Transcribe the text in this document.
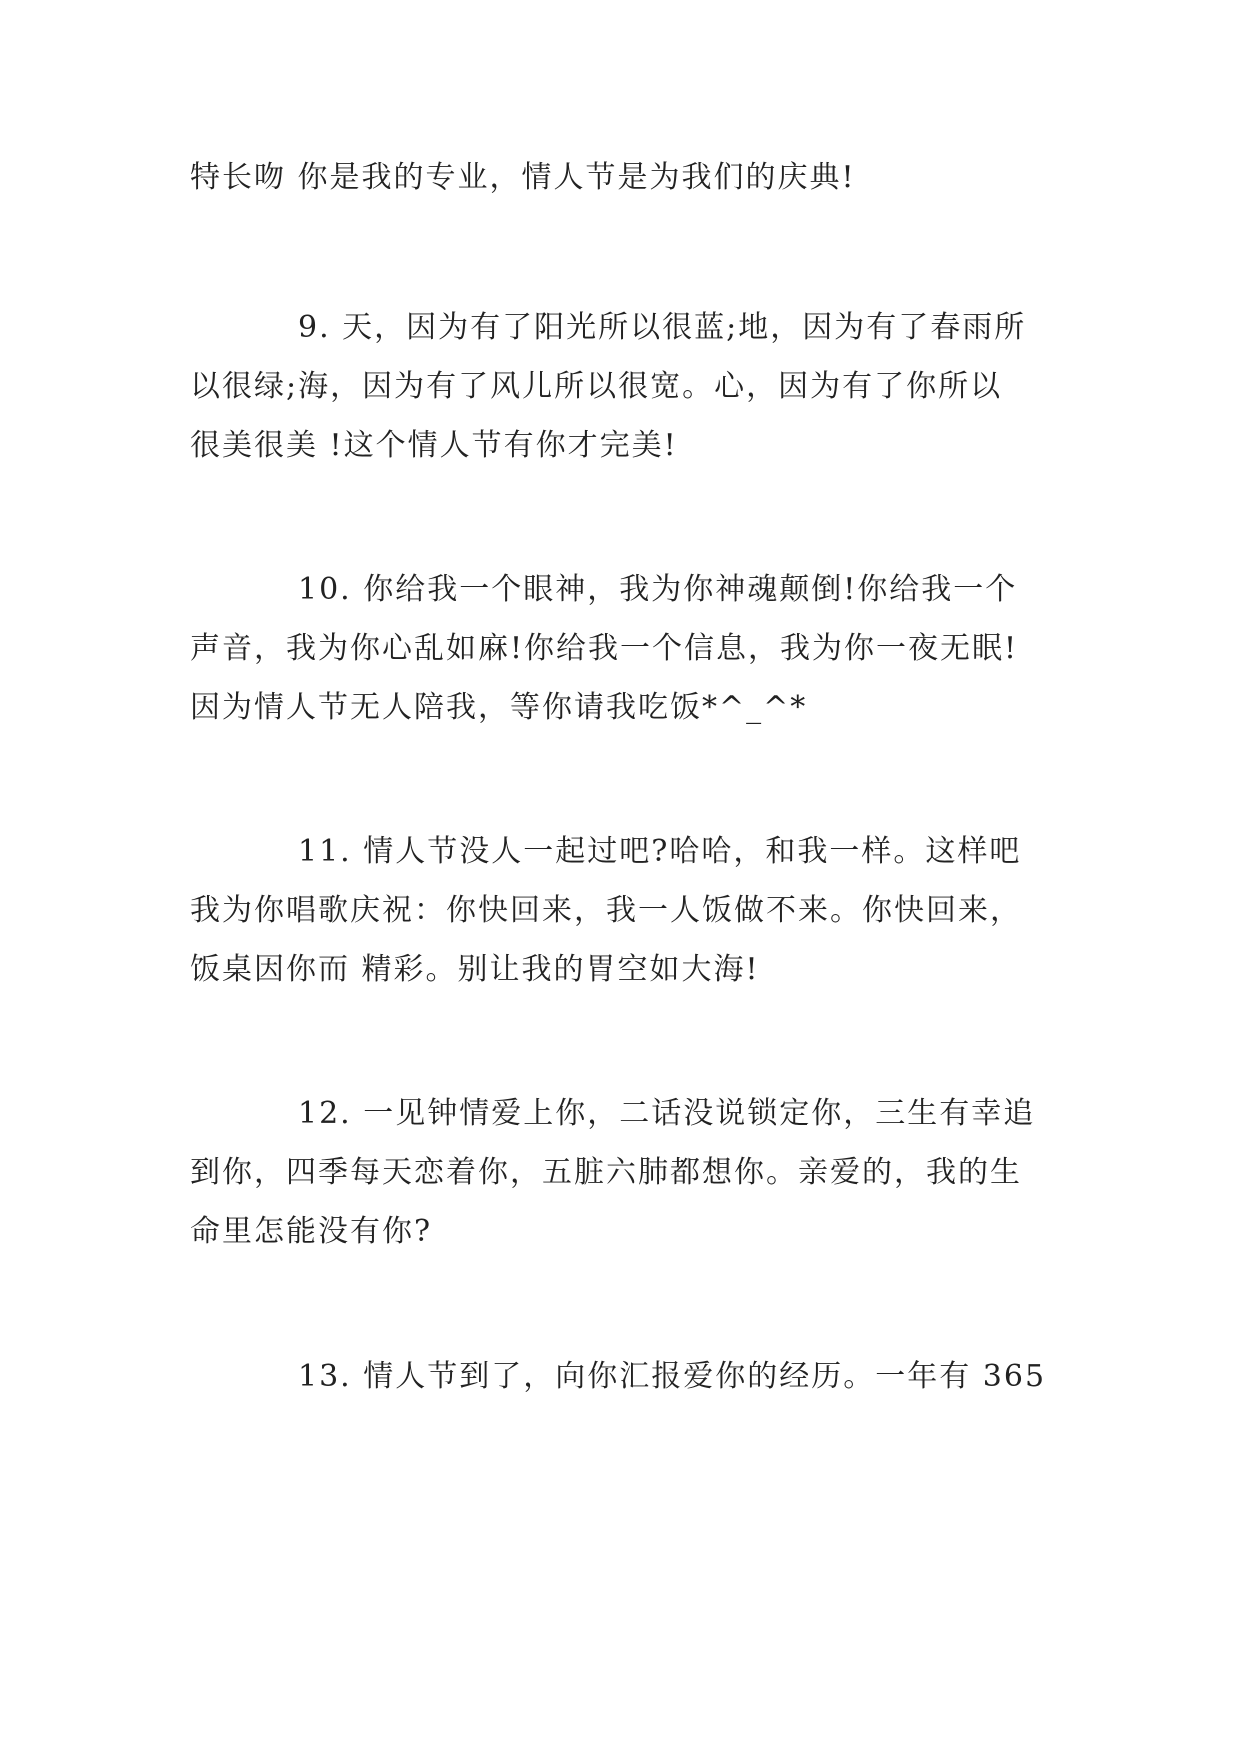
特长吻 你是我的专业，情人节是为我们的庆典!
9. 天，因为有了阳光所以很蓝;地，因为有了春雨所
以很绿;海，因为有了风儿所以很宽。心，因为有了你所以
很美很美 !这个情人节有你才完美!
10. 你给我一个眼神，我为你神魂颠倒!你给我一个
声音，我为你心乱如麻!你给我一个信息，我为你一夜无眠!
因为情人节无人陪我，等你请我吃饭*^_^*
11. 情人节没人一起过吧?哈哈，和我一样。这样吧
我为你唱歌庆祝：你快回来，我一人饭做不来。你快回来，
饭桌因你而 精彩。别让我的胃空如大海!
12. 一见钟情爱上你，二话没说锁定你，三生有幸追
到你，四季每天恋着你，五脏六肺都想你。亲爱的，我的生
命里怎能没有你?
13. 情人节到了，向你汇报爱你的经历。一年有 365
